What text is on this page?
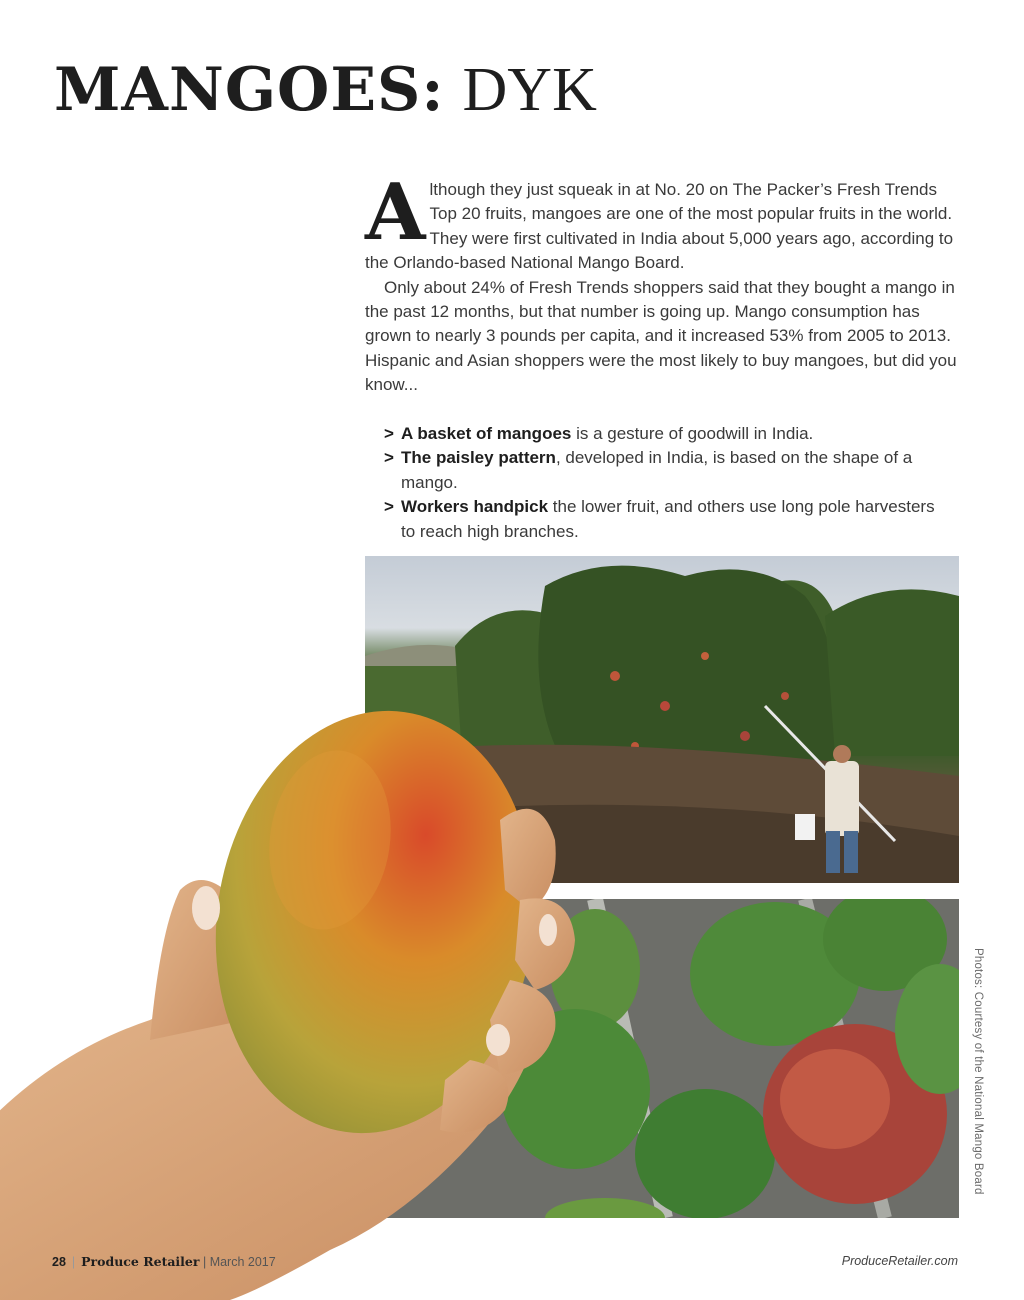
MANGOES: DYK

Although they just squeak in at No. 20 on The Packer’s Fresh Trends Top 20 fruits, mangoes are one of the most popular fruits in the world. They were first cultivated in India about 5,000 years ago, according to the Orlando-based National Mango Board.

Only about 24% of Fresh Trends shoppers said that they bought a mango in the past 12 months, but that number is going up. Mango consumption has grown to nearly 3 pounds per capita, and it increased 53% from 2005 to 2013. Hispanic and Asian shoppers were the most likely to buy mangoes, but did you know...

> A basket of mangoes is a gesture of goodwill in India.
> The paisley pattern, developed in India, is based on the shape of a mango.
> Workers handpick the lower fruit, and others use long pole harvesters to reach high branches.
Photos: Courtesy of the National Mango Board
28 | Produce Retailer | March 2017	ProduceRetailer.com
